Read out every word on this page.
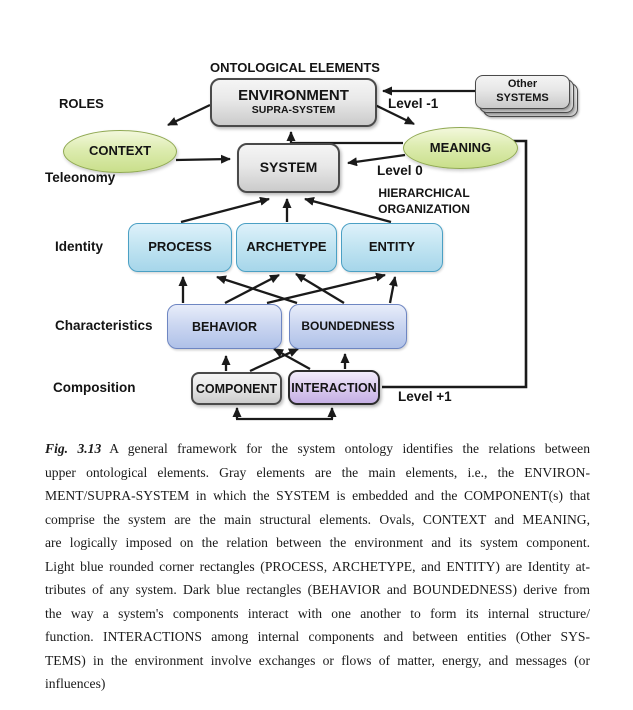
ONTOLOGICAL ELEMENTS
ROLES
Teleonomy
Identity
Characteristics
Composition
Level -1
Level 0
Level +1
HIERARCHICAL
ORGANIZATION
ENVIRONMENT
SUPRA-SYSTEM
Other
SYSTEMS
CONTEXT	MEANING
SYSTEM
PROCESS	ARCHETYPE	ENTITY
BEHAVIOR	BOUNDEDNESS
COMPONENT INTERACTION
Fig. 3.13 A general framework for the system ontology identifies the relations between
upper ontological elements. Gray elements are the main elements, i.e., the ENVIRON-
MENT/SUPRA-SYSTEM in which the SYSTEM is embedded and the COMPONENT(s) that
comprise the system are the main structural elements. Ovals, CONTEXT and MEANING,
are logically imposed on the relation between the environment and its system component.
Light blue rounded corner rectangles (PROCESS, ARCHETYPE, and ENTITY) are Identity at-
tributes of any system. Dark blue rectangles (BEHAVIOR and BOUNDEDNESS) derive from
the way a system's components interact with one another to form its internal structure/
function. INTERACTIONS among internal components and between entities (Other SYS-
TEMS) in the environment involve exchanges or flows of matter, energy, and messages (or
influences)
